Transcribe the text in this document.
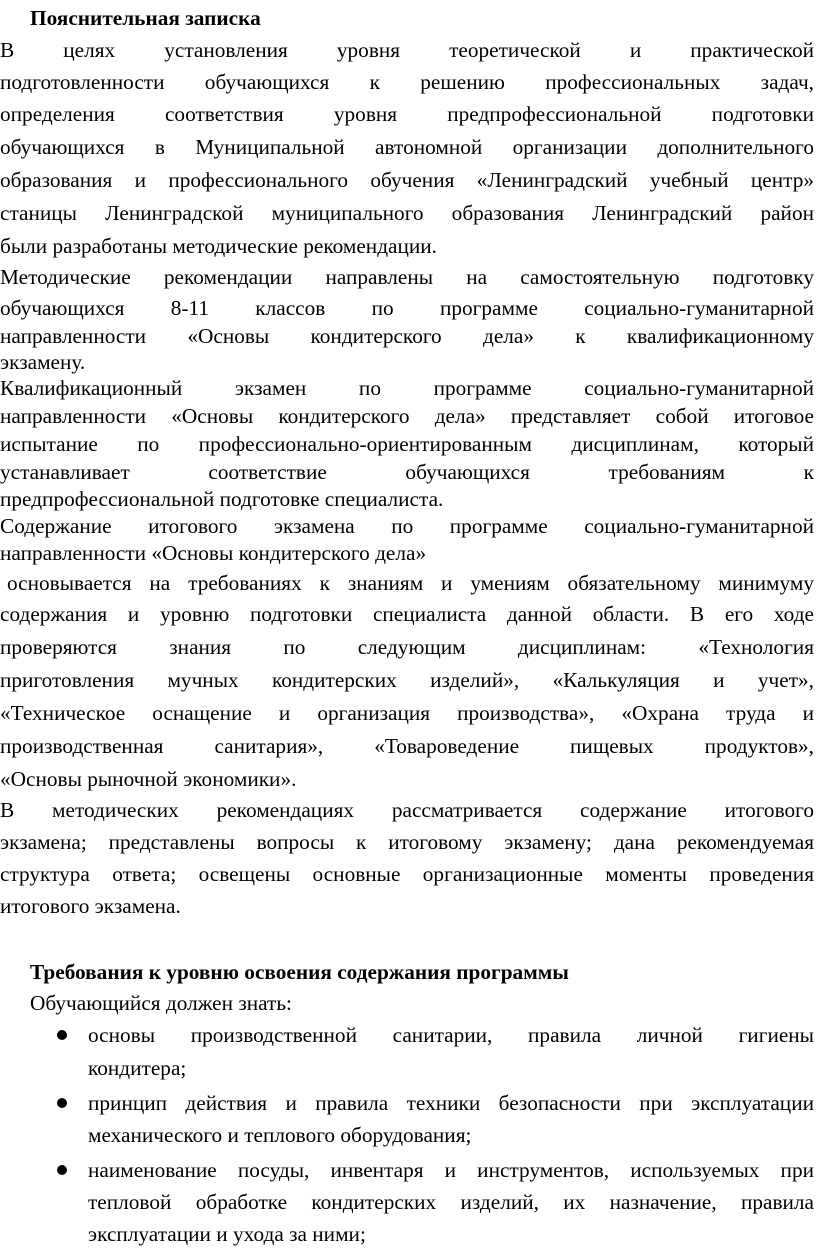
Пояснительная записка
В целях установления уровня теоретической и практической
подготовленности обучающихся к решению профессиональных задач,
определения соответствия уровня предпрофессиональной подготовки
обучающихся в Муниципальной автономной организации дополнительного
образования и профессионального обучения «Ленинградский учебный центр»
станицы Ленинградской муниципального образования Ленинградский район
были разработаны методические рекомендации.
Методические рекомендации направлены на самостоятельную подготовку
обучающихся 8-11 классов по программе социально-гуманитарной
направленности «Основы кондитерского дела» к квалификационному
экзамену.
Квалификационный экзамен по программе социально-гуманитарной
направленности «Основы кондитерского дела» представляет собой итоговое
испытание по профессионально-ориентированным дисциплинам, который
устанавливает соответствие обучающихся требованиям к
предпрофессиональной подготовке специалиста.
Содержание итогового экзамена по программе социально-гуманитарной
направленности «Основы кондитерского дела»
основывается на требованиях к знаниям и умениям обязательному минимуму
содержания и уровню подготовки специалиста данной области. В его ходе
проверяются знания по следующим дисциплинам: «Технология
приготовления мучных кондитерских изделий», «Калькуляция и учет»,
«Техническое оснащение и организация производства», «Охрана труда и
производственная санитария», «Товароведение пищевых продуктов»,
«Основы рыночной экономики».
В методических рекомендациях рассматривается содержание итогового
экзамена; представлены вопросы к итоговому экзамену; дана рекомендуемая
структура ответа; освещены основные организационные моменты проведения
итогового экзамена.
Требования к уровню освоения содержания программы
Обучающийся должен знать:
основы производственной санитарии, правила личной гигиены
кондитера;
принцип действия и правила техники безопасности при эксплуатации
механического и теплового оборудования;
наименование посуды, инвентаря и инструментов, используемых при
тепловой обработке кондитерских изделий, их назначение, правила
эксплуатации и ухода за ними;
